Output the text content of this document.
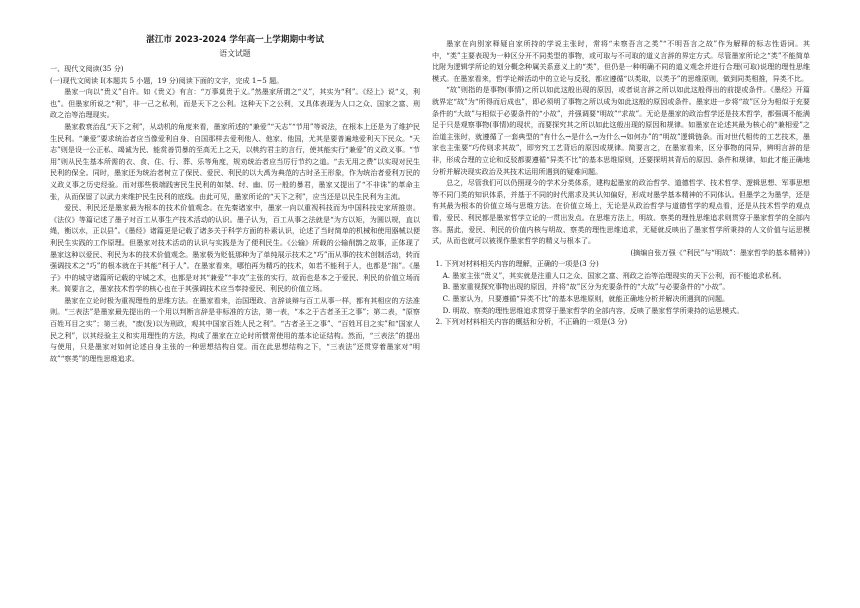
湛江市 2023-2024 学年高一上学期期中考试
语文试题

一、现代文阅读(35 分)

(一)现代文阅读 I(本题共 5 小题，19 分)阅读下面的文字，完成 1~5 题。

墨家一向以“贵义”自许。如《贵义》有言：“万事莫贵于义。”然墨家所谓之“义”，其实为“利”。《经上》说“义，利也”。但墨家所说之“利”，非一己之私利，而是天下之公利。这种天下之公利，又具体表现为人口之众、国家之富、刑政之治等治理现实。

墨家救衰治乱“天下之利”，从动机的角度来看，墨家所述的“兼爱”“天志”“节用”等说法，在根本上还是为了维护民生民利。“兼爱”要求统治者应当像爱利自身、自国那样去爱利他人、他家、他国，尤其是要普遍地爱利天下民众。“天志”则是设一公正私、竭诚为民、能赏善罚暴的至高无上之天，以桃约君主的言行，使其能实行“兼爱”的义政义事。“节用”则从民生基本所需的衣、食、住、行、葬、乐等角度，规劝统治者应当厉行节约之道。“去无用之费”以实现对民生民利的保全。同时，墨家还为统治者树立了保民、爱民、利民的以大禹为典范的古时圣王形象，作为统治者爱利万民的义政义事之历史经验。而对那些极端践害民生民利的如桀、纣、幽、厉一般的暴君，墨家又提出了“不非诛”的革命主张，从而保留了以武力来维护民生民利的底线。由此可见，墨家所论的“天下之利”，应当还是以民生民利为主流。

爱民、利民还是墨家最为根本的技术价值观念。在先秦诸家中，墨家一向以重视科技而为中国科技史家所推崇。《法仪》等篇记述了墨子对百工从事生产技术活动的认识。墨子认为，百工从事之法就是“为方以矩，为圆以规，直以绳，衡以水，正以县”。《墨经》诸篇更是记载了诸多关于科学方面的朴素认识，论述了当时简单的机械和使用器械以便利民生实践的工作原理。但墨家对技术活动的认识与实践是为了便利民生。《公输》所载的公输削鹊之故事，正体现了墨家这种以爱民、利民为本的技术价值观念。墨家极为贬低那种为了单纯展示技术之“巧”而从事的技术创制活动，转而强调技术之“巧”的根本就在于其能“利于人”。在墨家看来，哪怕再为精巧的技术，如若不能利于人，也都是“拙”。《墨子》中的城守诸篇所记载的守城之术，也都是对其“兼爱”“非攻”主张的实行，故而也是本之于爱民、利民的价值立场而来。简要言之，墨家技术哲学的核心也在于其强调技术应当奉持爱民、利民的价值立场。

墨家在立论时极为重视理性的思维方法。在墨家看来，治国理政、言辞谈辩与百工从事一样，都有其相应的方法准则。“三表法”是墨家最先提出的一个用以判断言辞是非标准的方法，第一表，“本之于古者圣王之事”；第二表，“原察百姓耳目之实”；第三表，“废(发)以为刑政，观其中国家百姓人民之利”。“古者圣王之事”、“百姓耳目之实”和“国家人民之利”，以其经验主义和实用理性的方法，构成了墨家在立论时所惯常使用的基本论证结构。然而，“三表法”的提出与使用，只是墨家对如何论述自身主张的一种思想结构自觉。而在此思想结构之下，“三表法”还贯穿着墨家对“明故”“察类”的理性思维追求。

墨家在向别家释疑自家所持的学说主张时，常将“未察吾言之类”“不明吾言之故”作为解释的标志性语词。其中，“类”主要表现为一种区分开不同类型的事物，或可取与不可取的道义言辞的界定方式。尽管墨家所论之“类”不能简单比附为逻辑学所论的划分概念种属关系意义上的“类”，但仍是一种明确不同的道义观念并进行合理(可取)说理的理性思维模式。在墨家看来，哲学论辩活动中的立论与反驳，都应遵循“以类取，以类予”的思维原则，做到同类相推，异类不比。

“故”则指的是事物(事情)之所以如此这般出现的原因，或者说言辞之所以如此这般得出的前提或条件。《墨经》开篇就界定“故”为“所得而后成也”，即必须明了事物之所以成为如此这般的原因或条件。墨家进一步将“故”区分为相似于充要条件的“大故”与相似于必要条件的“小故”，并强调要“明故”“求故”。无论是墨家的政治哲学还是技术哲学，都强调不能满足于只是观察事物(事情)的现状，而要探究其之所以如此这般出现的原因和规律。如墨家在论述其最为核心的“兼相爱”之治道主张时，就遵循了一套典型的“有什么→是什么→为什么→如何办”的“明故”逻辑链条。而对世代相传的工艺技术，墨家也主张要“巧传则求其故”，即穷究工艺背后的原因或规律。简要言之，在墨家看来，区分事物的同异，辨明言辞的是非，形成合理的立论和反驳都要遵循“异类不比”的基本思维原则，还要探明其背后的原因、条件和规律，如此才能正确地分析并解决现实政治及其技术运用所遇到的疑难问题。

总之，尽管我们可以仍照现今的学术分类体系，建构起墨家的政治哲学、道德哲学、技术哲学、逻辑思想、军事思想等不同门类的知识体系，并基于不同的时代需求及其认知偏好，形成对墨学基本精神的不同体认。但墨学之为墨学，还是有其最为根本的价值立场与思维方法。在价值立场上，无论是从政治哲学与道德哲学的观点看，还是从技术哲学的观点看，爱民、利民都是墨家哲学立论的一贯出发点。在思维方法上，明故、察类的理性思维追求则贯穿于墨家哲学的全部内容。据此，爱民、利民的价值内核与明故、察类的理性思维追求，无疑就反映出了墨家哲学所秉持的人文价值与运思模式，从而也就可以被视作墨家哲学的精义与根本了。

(摘编自张万强《“利民”与“明故”：墨家哲学的基本精神》)

1. 下列对材料相关内容的理解，正确的一项是(3 分)

A. 墨家主张“贵义”，其实就是注重人口之众、国家之富、刑政之治等治理现实的天下公利，而不能追求私利。

B. 墨家重视探究事物出现的原因，并将“故”区分为充要条件的“大故”与必要条件的“小故”。

C. 墨家认为，只要遵循“异类不比”的基本思维原则，就能正确地分析并解决所遇到的问题。

D. 明故、察类的理性思维追求贯穿于墨家哲学的全部内容，反映了墨家哲学所秉持的运思模式。

2. 下列对材料相关内容的概括和分析，不正确的一项是(3 分)
